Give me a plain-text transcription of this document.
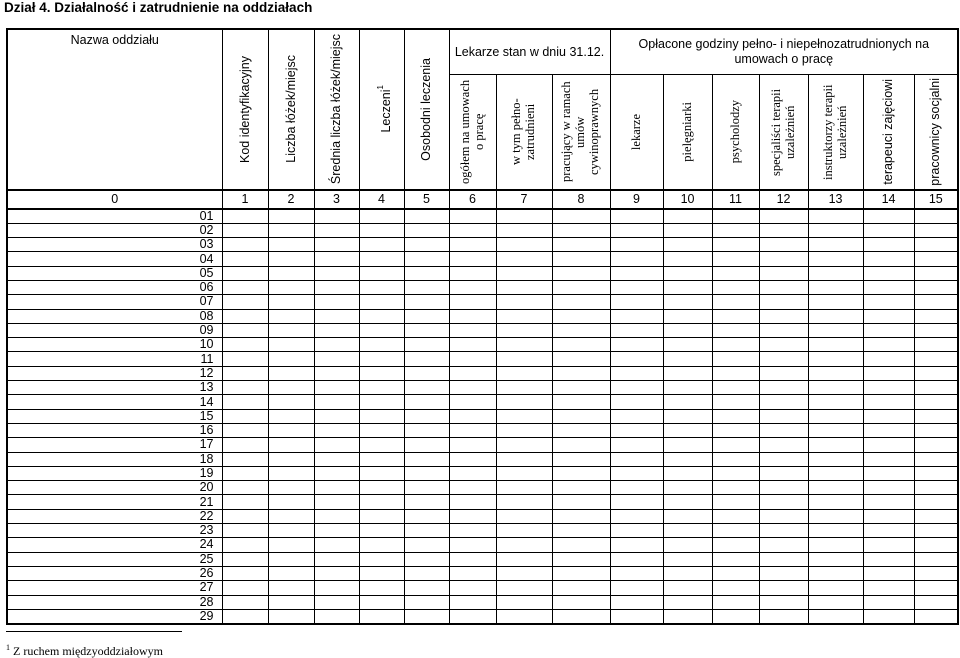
Dział 4. Działalność i zatrudnienie na oddziałach
Nazwa oddziału	Kod identyfikacyjny	Liczba łóżek/miejsc	Średnia liczba łóżek/miejsc	Leczeni$^1$	Osobodni leczenia	Lekarze stan w dniu 31.12.			Opłacone godziny pełno- i niepełnozatrudnionych na umowach o pracę						

						ogółem na umowach o pracę	w tym pełno-zatrudnieni	pracujący w ramach umów cywinoprawnych	lekarze	pielęgniarki	psycholodzy	specjaliści terapii uzależnień	instruktorzy terapii uzależnień	terapeuci zajęciowi	pracownicy socjalni

0	1	2	3	4	5	6	7	8	9	10	11	12	13	14	15
01															
02															
03															
04															
05															
06															
07															
08															
09															
10															
11															
12															
13															
14															
15															
16															
17															
18															
19															
20															
21															
22															
23															
24															
25															
26															
27															
28															
29															
$^1$ Z ruchem międzyoddziałowym
